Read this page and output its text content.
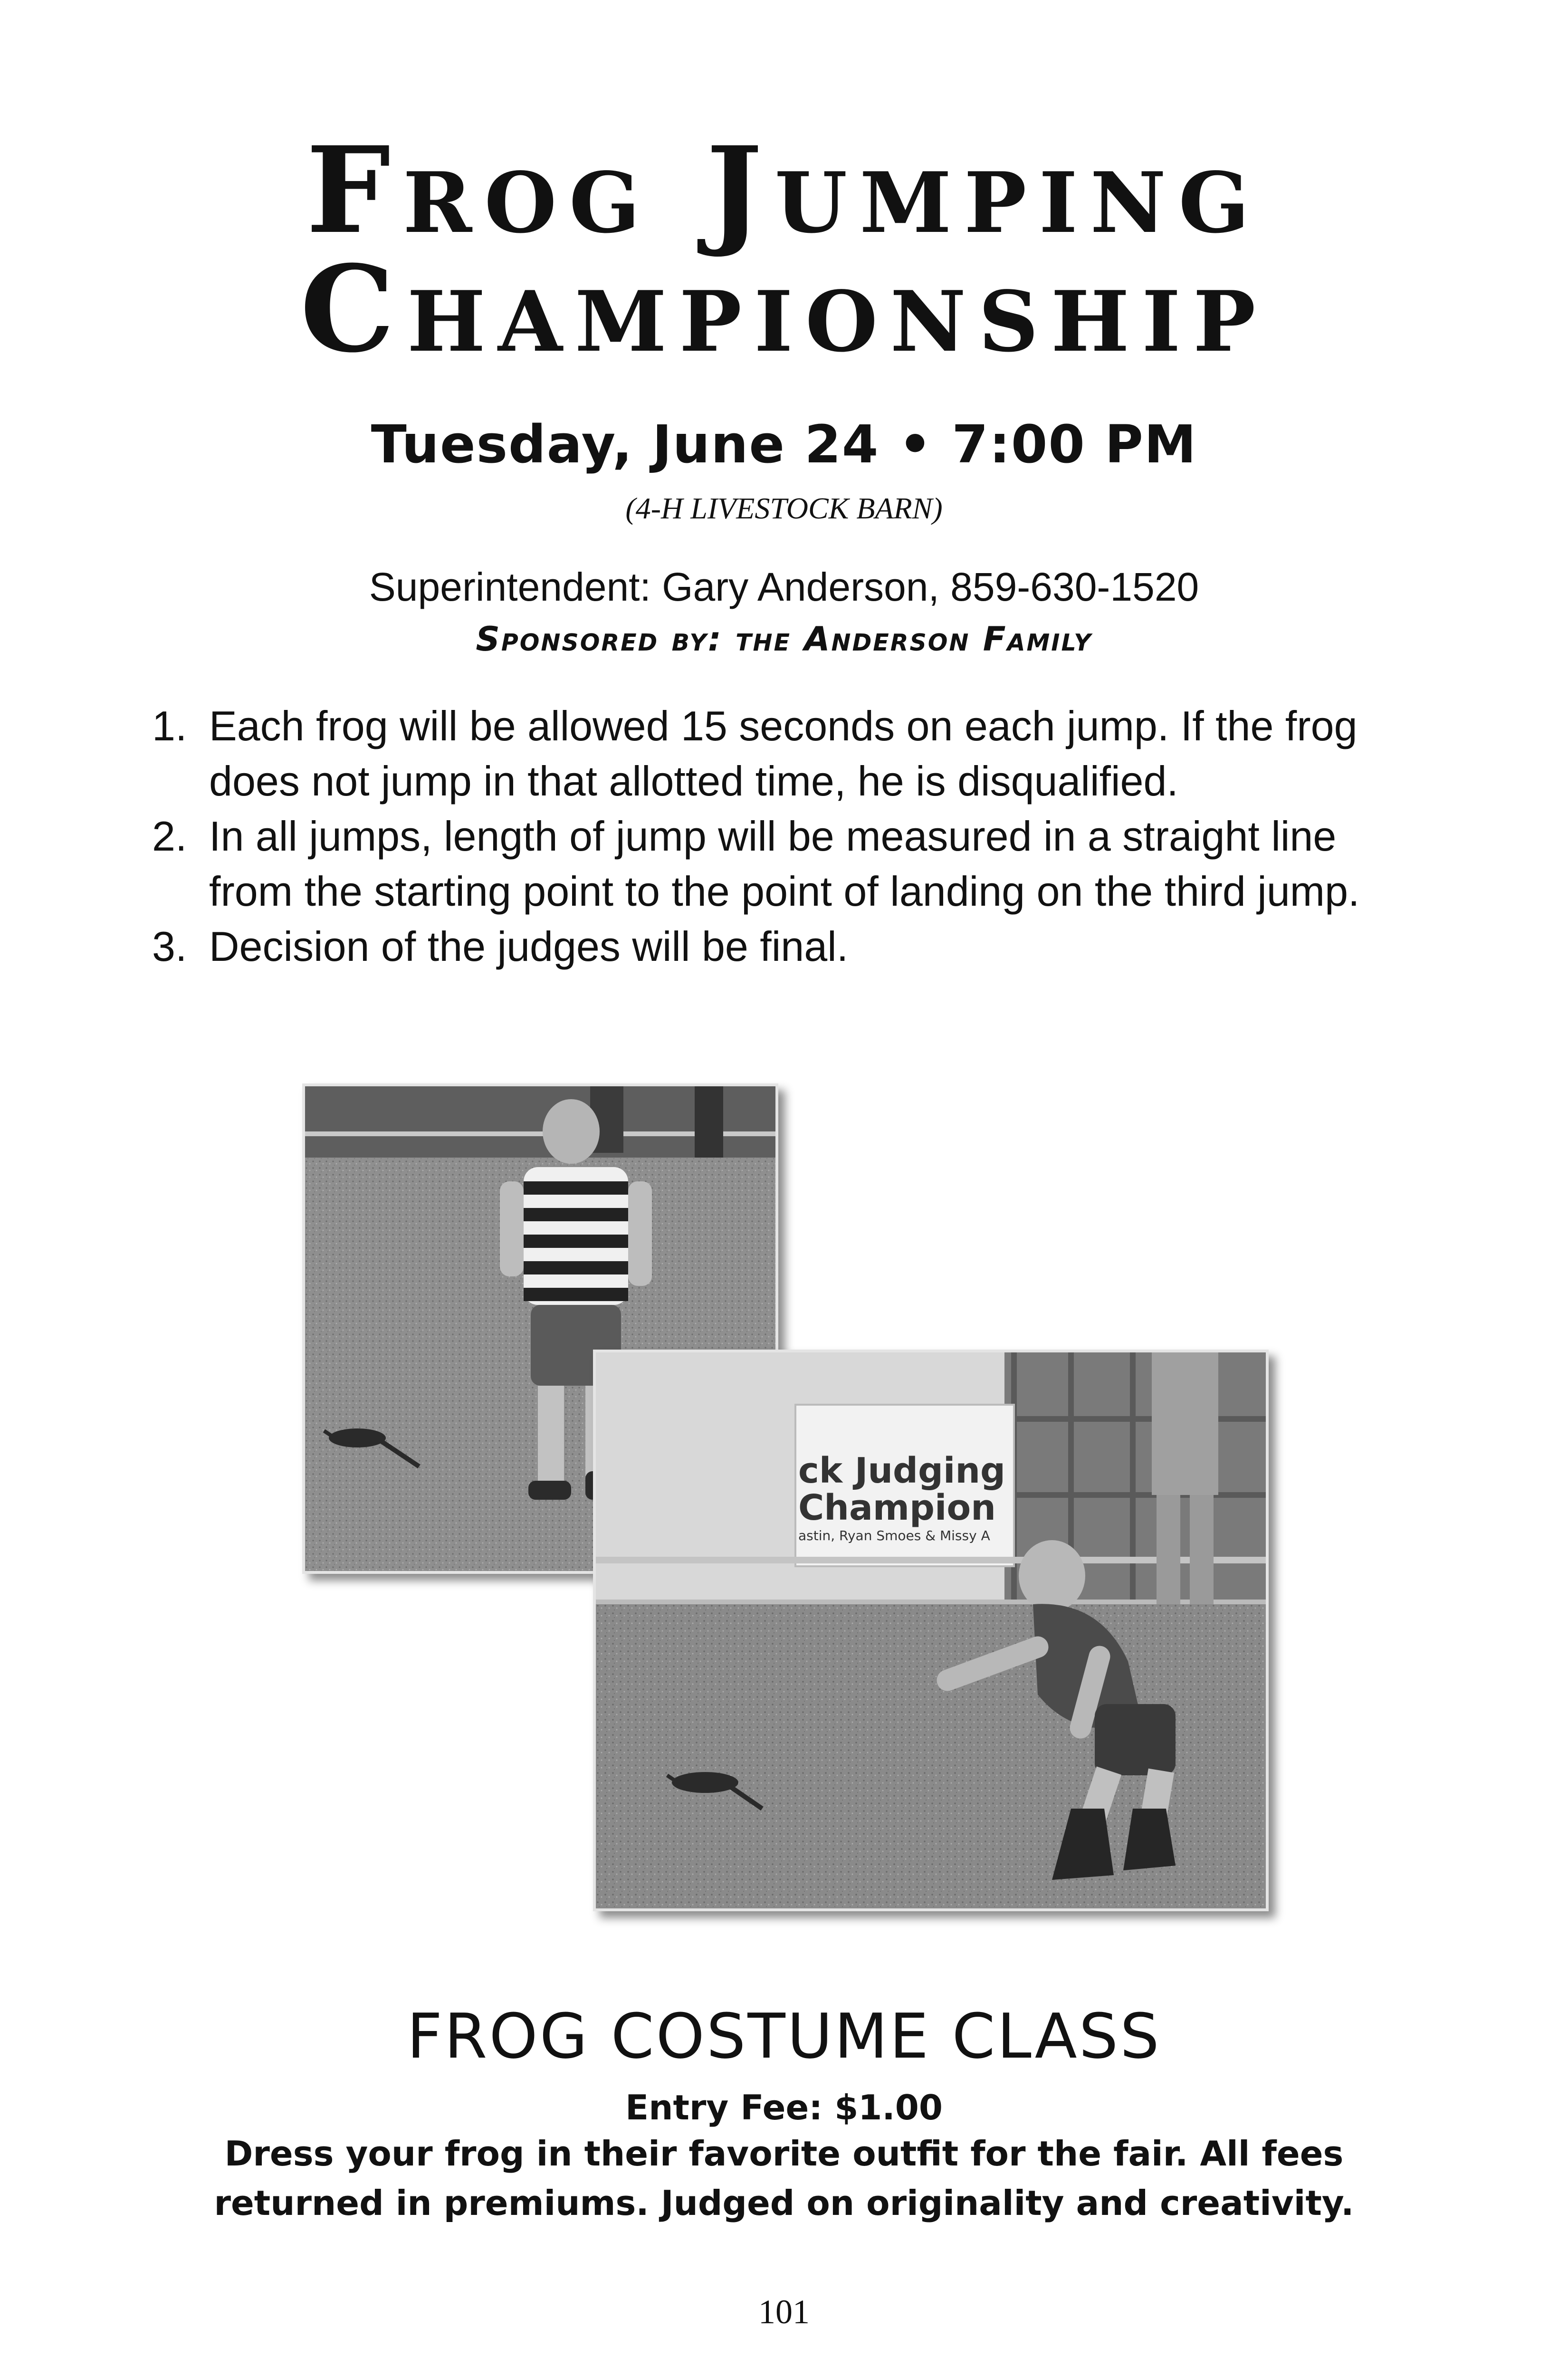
Frog Jumping
Championship
Tuesday, June 24 • 7:00 PM
(4-H LIVESTOCK BARN)
Superintendent: Gary Anderson, 859-630-1520
Sponsored by: the Anderson Family
1. Each frog will be allowed 15 seconds on each jump. If the frog does not jump in that allotted time, he is disqualified.
2. In all jumps, length of jump will be measured in a straight line from the starting point to the point of landing on the third jump.
3. Decision of the judges will be final.
ck Judging
Champion
astin, Ryan Smoes & Missy A
FROG COSTUME CLASS
Entry Fee: $1.00
Dress your frog in their favorite outfit for the fair. All fees returned in premiums. Judged on originality and creativity.
101
